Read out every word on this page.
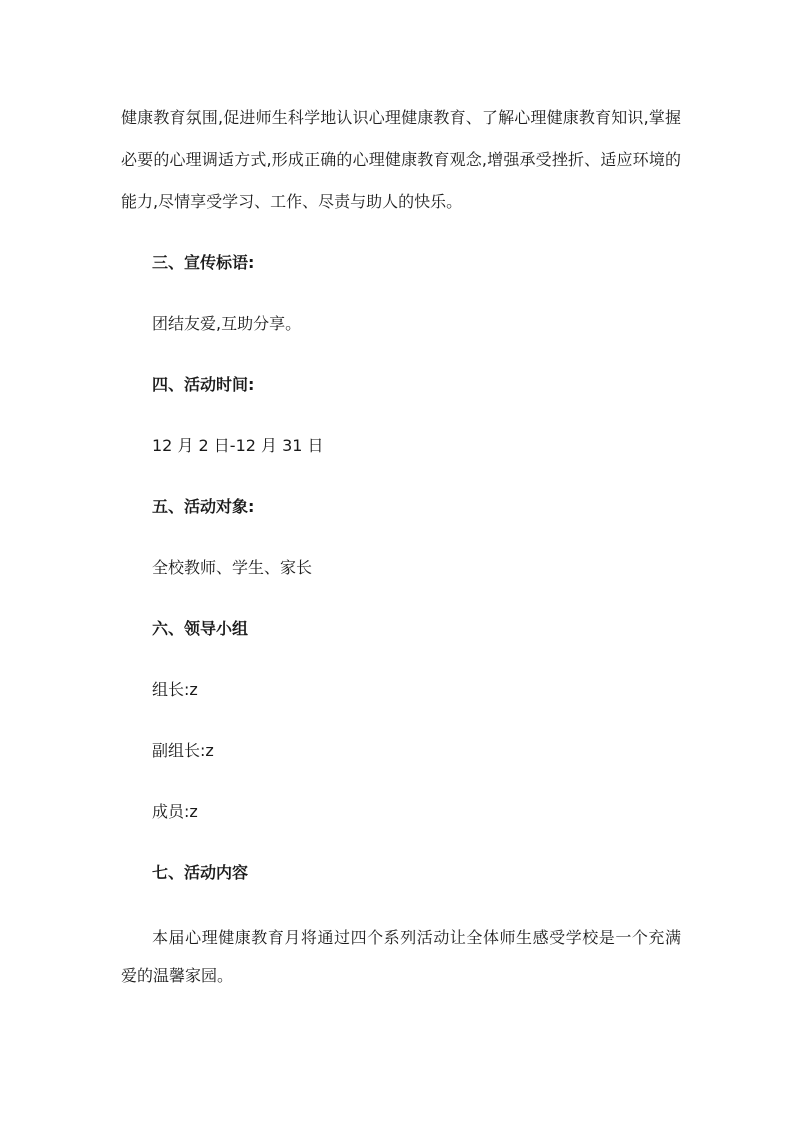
健康教育氛围,促进师生科学地认识心理健康教育、了解心理健康教育知识,掌握
必要的心理调适方式,形成正确的心理健康教育观念,增强承受挫折、适应环境的
能力,尽情享受学习、工作、尽责与助人的快乐。
三、宣传标语:
团结友爱,互助分享。
四、活动时间:
12 月 2 日-12 月 31 日
五、活动对象:
全校教师、学生、家长
六、领导小组
组长:z
副组长:z
成员:z
七、活动内容
本届心理健康教育月将通过四个系列活动让全体师生感受学校是一个充满
爱的温馨家园。
